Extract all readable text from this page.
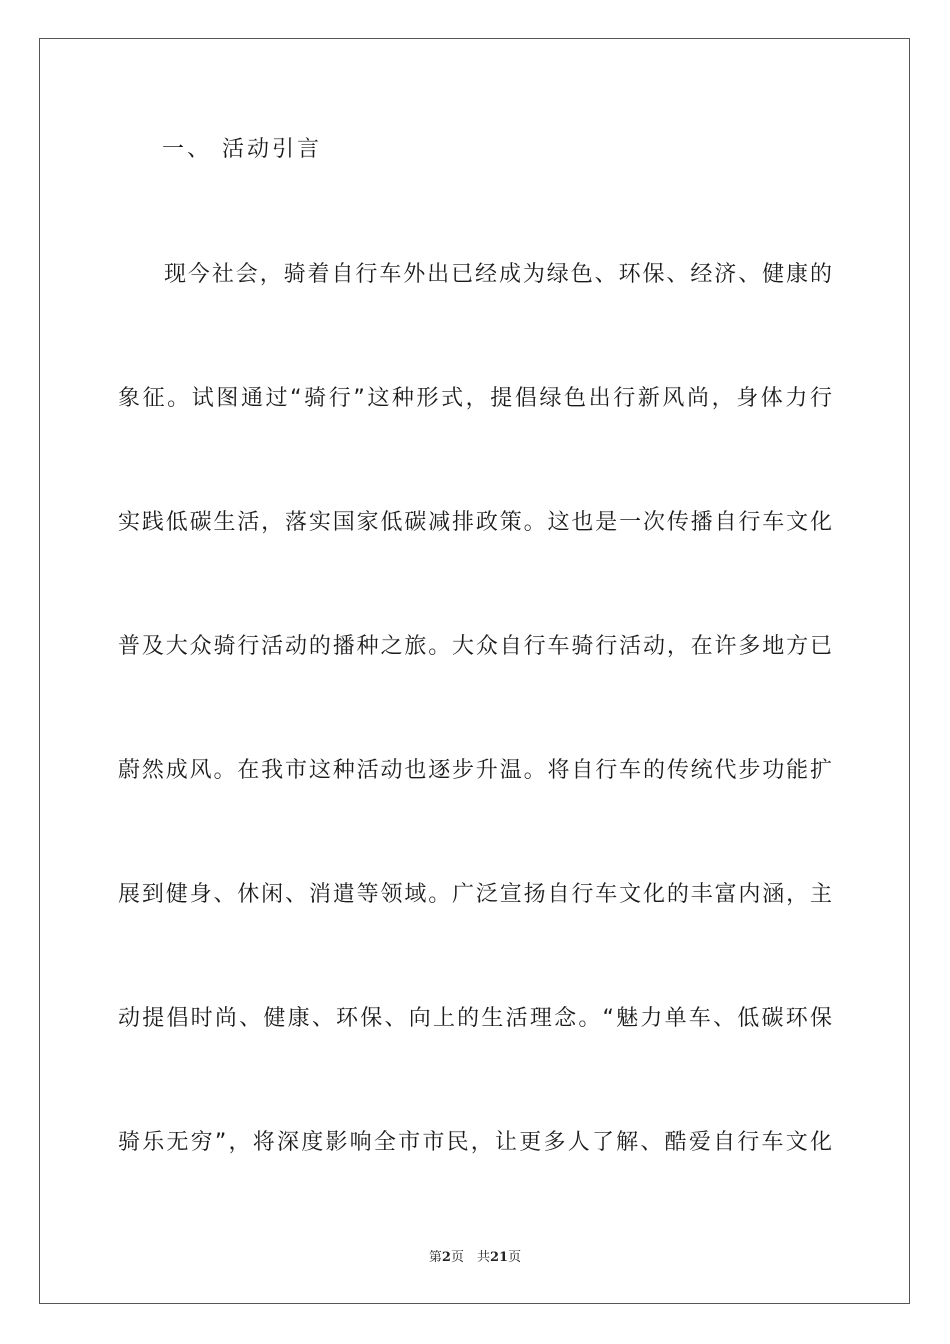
一、 活动引言
现今社会，骑着自行车外出已经成为绿色、环保、经济、健康的
象征。试图通过“骑行”这种形式，提倡绿色出行新风尚，身体力行
实践低碳生活，落实国家低碳减排政策。这也是一次传播自行车文化
普及大众骑行活动的播种之旅。大众自行车骑行活动，在许多地方已
蔚然成风。在我市这种活动也逐步升温。将自行车的传统代步功能扩
展到健身、休闲、消遣等领域。广泛宣扬自行车文化的丰富内涵，主
动提倡时尚、健康、环保、向上的生活理念。“魅力单车、低碳环保
骑乐无穷”，将深度影响全市市民，让更多人了解、酷爱自行车文化
第2页　共21页
